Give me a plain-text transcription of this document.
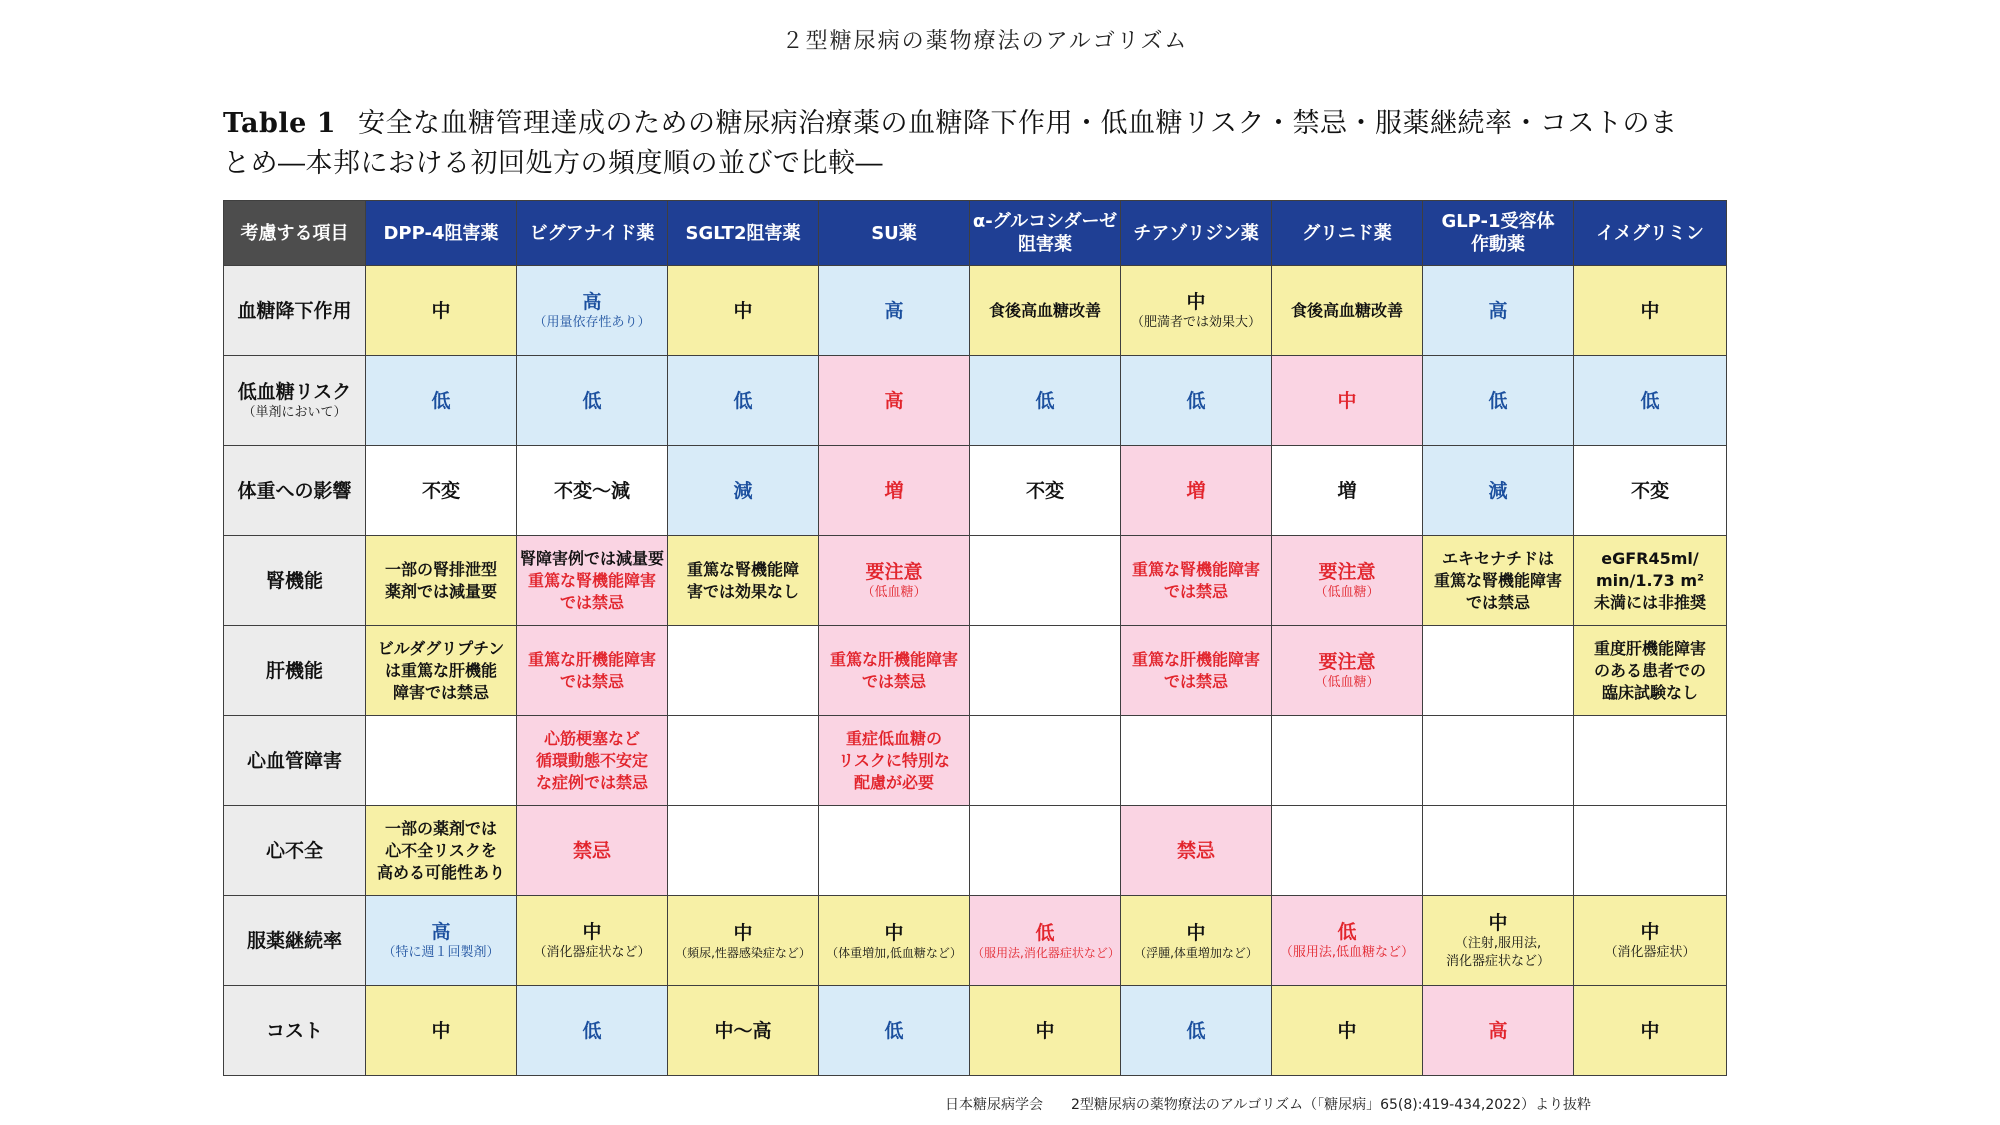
２型糖尿病の薬物療法のアルゴリズム
Table 1 安全な血糖管理達成のための糖尿病治療薬の血糖降下作用・低血糖リスク・禁忌・服薬継続率・コストのま
とめ―本邦における初回処方の頻度順の並びで比較―
考慮する項目	DPP-4阻害薬	ビグアナイド薬	SGLT2阻害薬	SU薬	α-グルコシダーゼ
阻害薬	チアゾリジン薬	グリニド薬	GLP-1受容体
作動薬	イメグリミン
血糖降下作用	中	高
（用量依存性あり）	中	高	食後高血糖改善	中
（肥満者では効果大）	食後高血糖改善	高	中

低血糖リスク
（単剤において）	低	低	低	高	低	低	中	低	低

体重への影響	不変	不変～減	減	増	不変	増	増	減	不変

腎機能	一部の腎排泄型
薬剤では減量要	腎障害例では減量要
重篤な腎機能障害
では禁忌	重篤な腎機能障
害では効果なし	要注意
（低血糖）		重篤な腎機能障害
では禁忌	要注意
（低血糖）	エキセナチドは
重篤な腎機能障害
では禁忌	eGFR45ml/
min/1.73 m²
未満には非推奨

肝機能	ビルダグリプチン
は重篤な肝機能
障害では禁忌	重篤な肝機能障害
では禁忌		重篤な肝機能障害
では禁忌		重篤な肝機能障害
では禁忌	要注意
（低血糖）		重度肝機能障害
のある患者での
臨床試験なし

心血管障害		心筋梗塞など
循環動態不安定
な症例では禁忌		重症低血糖の
リスクに特別な
配慮が必要					

心不全	一部の薬剤では
心不全リスクを
高める可能性あり	禁忌				禁忌			

服薬継続率	高
（特に週１回製剤）	中
（消化器症状など）	中
（頻尿,性器感染症など）	中
（体重増加,低血糖など）	低
（服用法,消化器症状など）	中
（浮腫,体重増加など）	低
（服用法,低血糖など）	中
（注射,服用法,
消化器症状など）	中
（消化器症状）

コスト	中	低	中～高	低	中	低	中	高	中
日本糖尿病学会　　2型糖尿病の薬物療法のアルゴリズム（「糖尿病」65(8):419-434,2022）より抜粋
